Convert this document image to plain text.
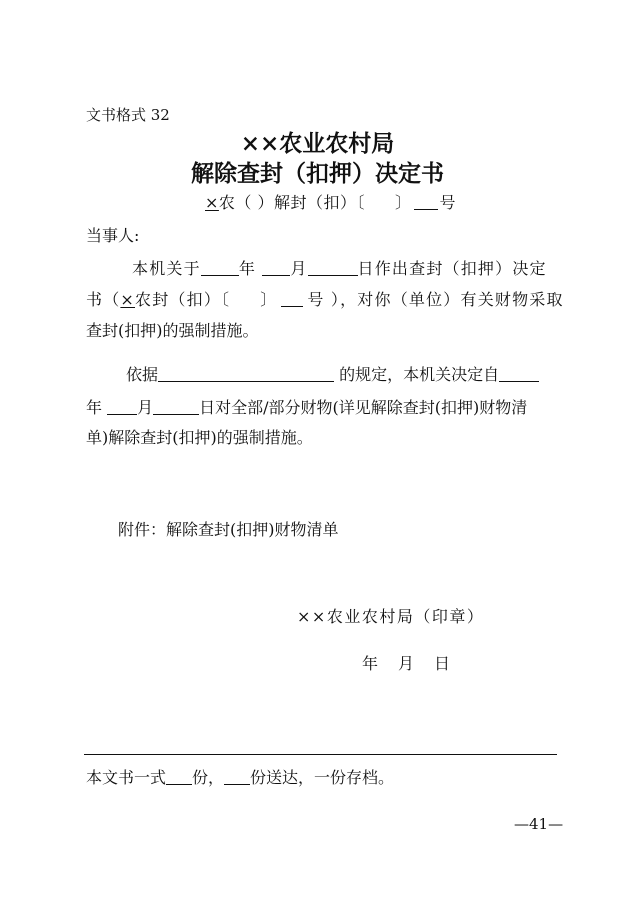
文书格式 32
××农业农村局
解除查封（扣押）决定书
×农（ ）解封（扣）〔 〕 号
当事人:
本机关于 年 月	日作出查封（扣押）决定
书（×农封（扣）〔 〕 号 ），对你（单位）有关财物采取
查封(扣押)的强制措施。
依据	的规定，本机关决定自
年 月	日对全部/部分财物(详见解除查封(扣押)财物清
单)解除查封(扣押)的强制措施。
附件：解除查封(扣押)财物清单
××农业农村局（印章）
年　月　日
本文书一式 份， 份送达，一份存档。
—41—
